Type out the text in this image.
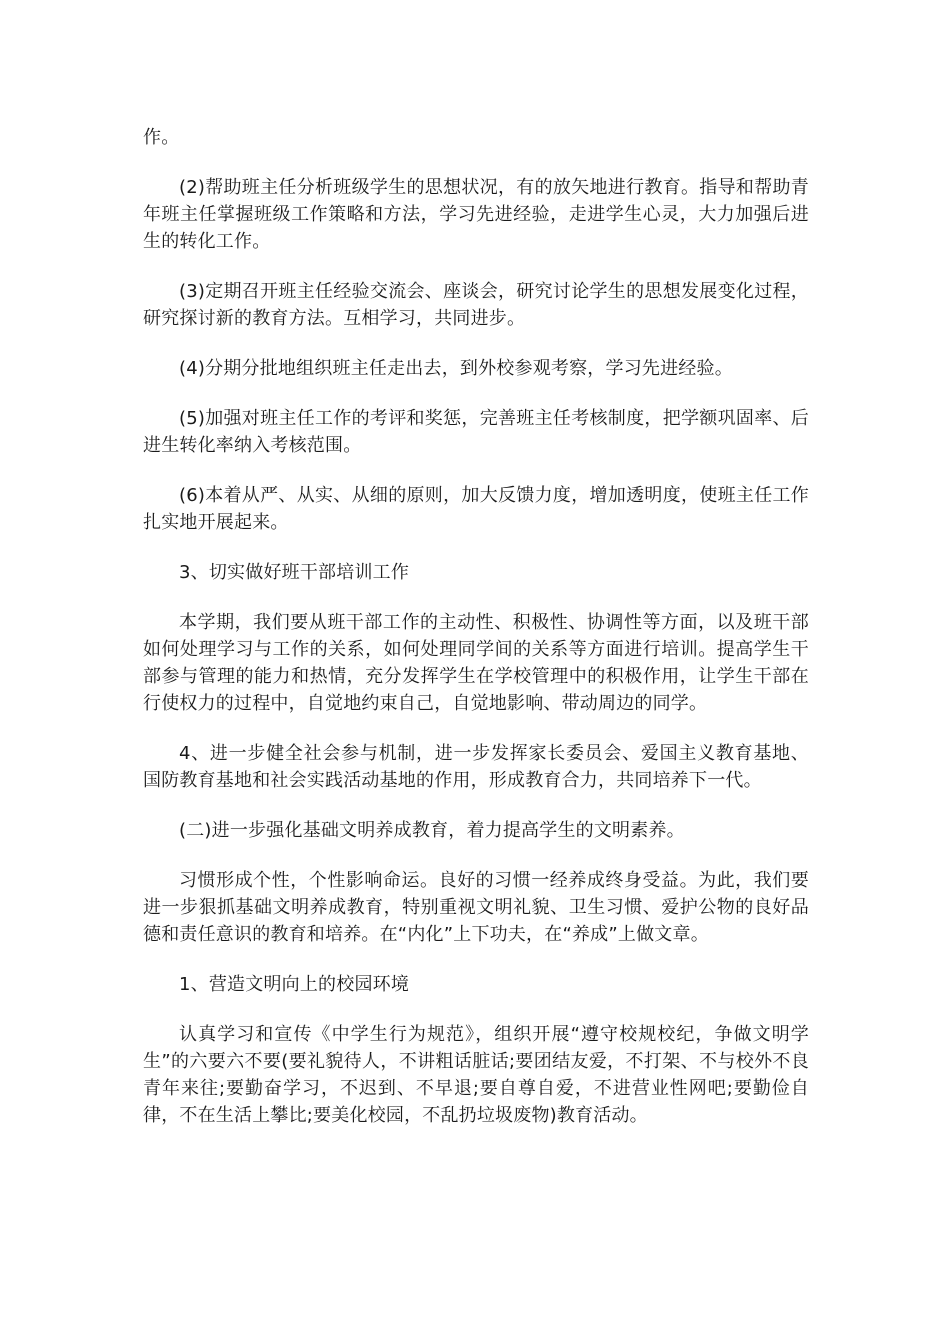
作。

(2)帮助班主任分析班级学生的思想状况，有的放矢地进行教育。指导和帮助青年班主任掌握班级工作策略和方法，学习先进经验，走进学生心灵，大力加强后进生的转化工作。

(3)定期召开班主任经验交流会、座谈会，研究讨论学生的思想发展变化过程，研究探讨新的教育方法。互相学习，共同进步。

(4)分期分批地组织班主任走出去，到外校参观考察，学习先进经验。

(5)加强对班主任工作的考评和奖惩，完善班主任考核制度，把学额巩固率、后进生转化率纳入考核范围。

(6)本着从严、从实、从细的原则，加大反馈力度，增加透明度，使班主任工作扎实地开展起来。

3、切实做好班干部培训工作

本学期，我们要从班干部工作的主动性、积极性、协调性等方面，以及班干部如何处理学习与工作的关系，如何处理同学间的关系等方面进行培训。提高学生干部参与管理的能力和热情，充分发挥学生在学校管理中的积极作用，让学生干部在行使权力的过程中，自觉地约束自己，自觉地影响、带动周边的同学。

4、进一步健全社会参与机制，进一步发挥家长委员会、爱国主义教育基地、国防教育基地和社会实践活动基地的作用，形成教育合力，共同培养下一代。

(二)进一步强化基础文明养成教育，着力提高学生的文明素养。

习惯形成个性，个性影响命运。良好的习惯一经养成终身受益。为此，我们要进一步狠抓基础文明养成教育，特别重视文明礼貌、卫生习惯、爱护公物的良好品德和责任意识的教育和培养。在“内化”上下功夫，在“养成”上做文章。

1、营造文明向上的校园环境

认真学习和宣传《中学生行为规范》，组织开展“遵守校规校纪，争做文明学生”的六要六不要(要礼貌待人，不讲粗话脏话;要团结友爱，不打架、不与校外不良青年来往;要勤奋学习，不迟到、不早退;要自尊自爱，不进营业性网吧;要勤俭自律，不在生活上攀比;要美化校园，不乱扔垃圾废物)教育活动。
